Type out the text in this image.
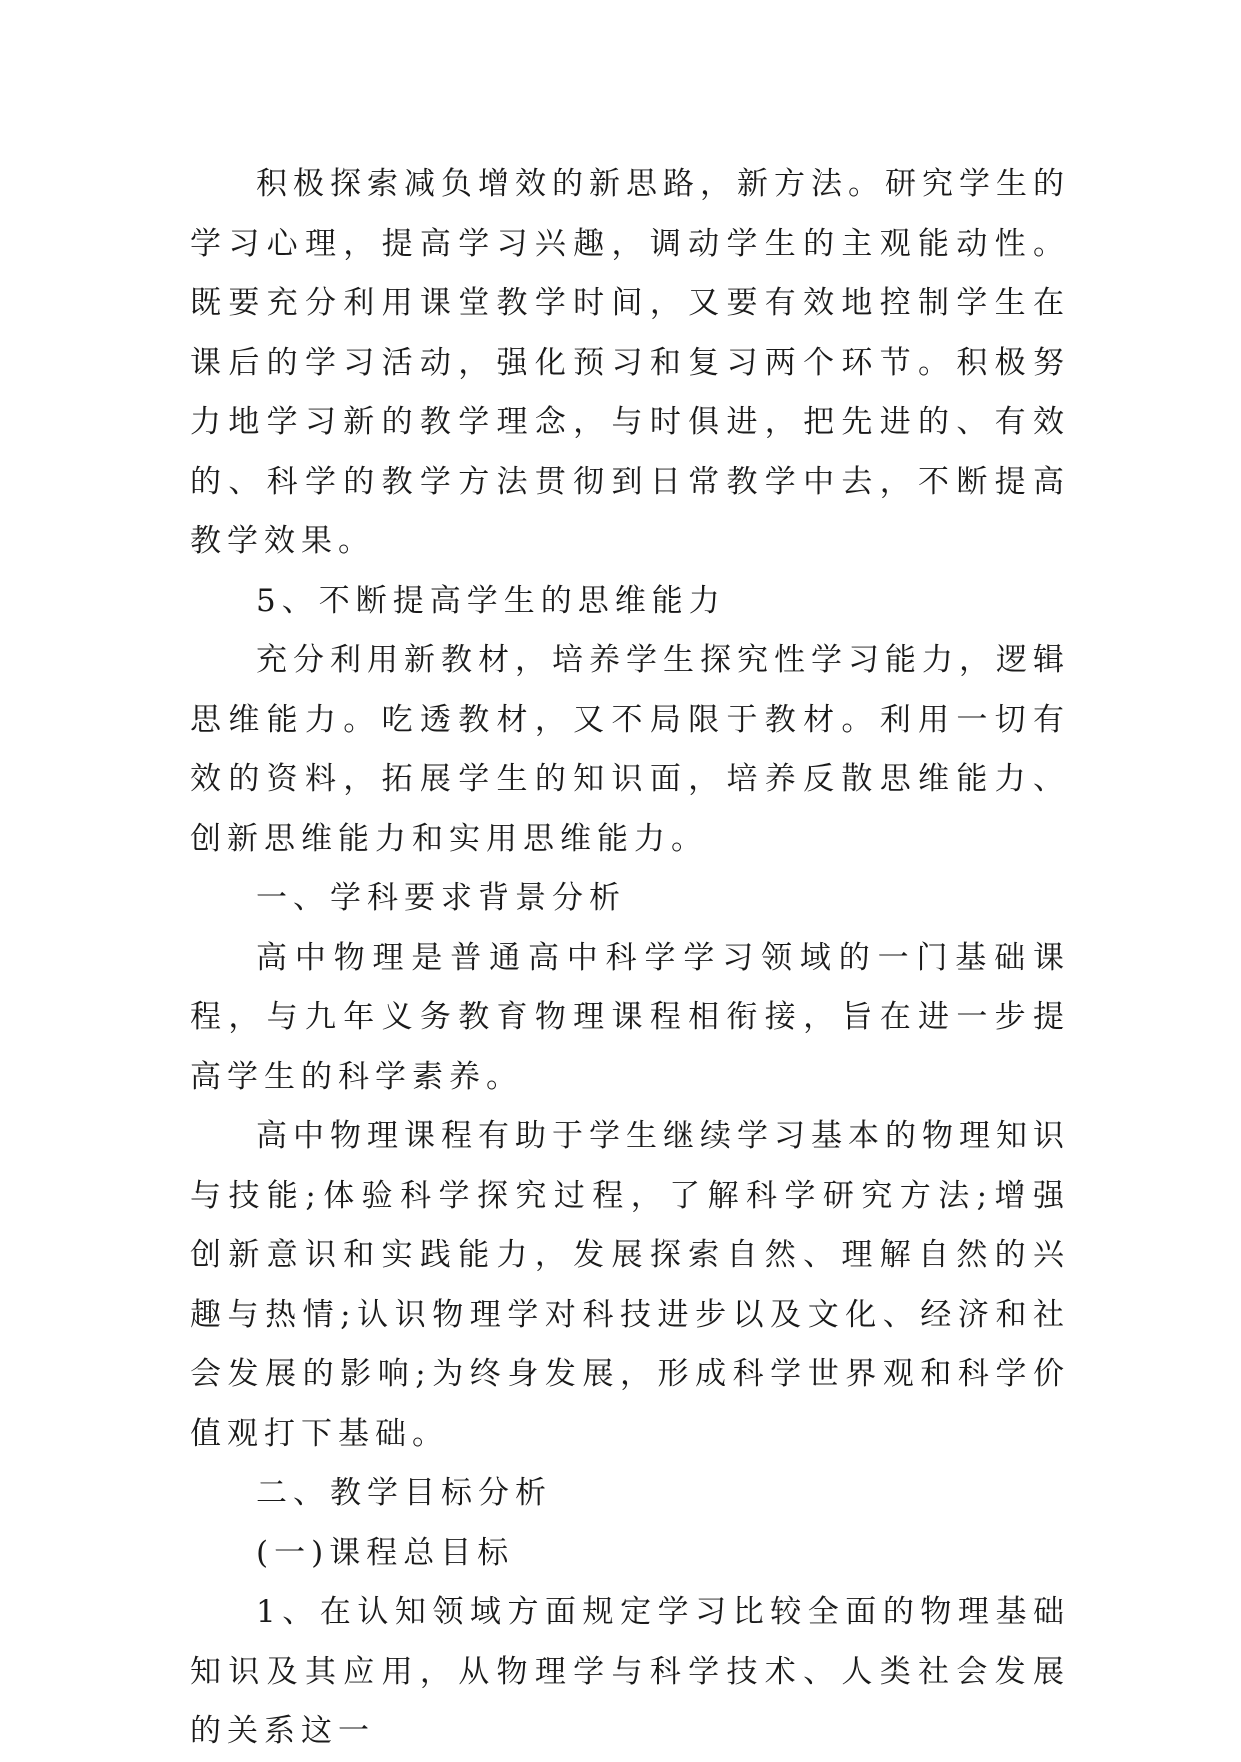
积极探索减负增效的新思路，新方法。研究学生的学习心理，提高学习兴趣，调动学生的主观能动性。既要充分利用课堂教学时间，又要有效地控制学生在课后的学习活动，强化预习和复习两个环节。积极努力地学习新的教学理念，与时俱进，把先进的、有效的、科学的教学方法贯彻到日常教学中去，不断提高教学效果。

5、不断提高学生的思维能力

充分利用新教材，培养学生探究性学习能力，逻辑思维能力。吃透教材，又不局限于教材。利用一切有效的资料，拓展学生的知识面，培养反散思维能力、创新思维能力和实用思维能力。

一、学科要求背景分析

高中物理是普通高中科学学习领域的一门基础课程，与九年义务教育物理课程相衔接，旨在进一步提高学生的科学素养。

高中物理课程有助于学生继续学习基本的物理知识与技能;体验科学探究过程，了解科学研究方法;增强创新意识和实践能力，发展探索自然、理解自然的兴趣与热情;认识物理学对科技进步以及文化、经济和社会发展的影响;为终身发展，形成科学世界观和科学价值观打下基础。

二、教学目标分析

(一)课程总目标

1、在认知领域方面规定学习比较全面的物理基础知识及其应用，从物理学与科学技术、人类社会发展的关系这一
